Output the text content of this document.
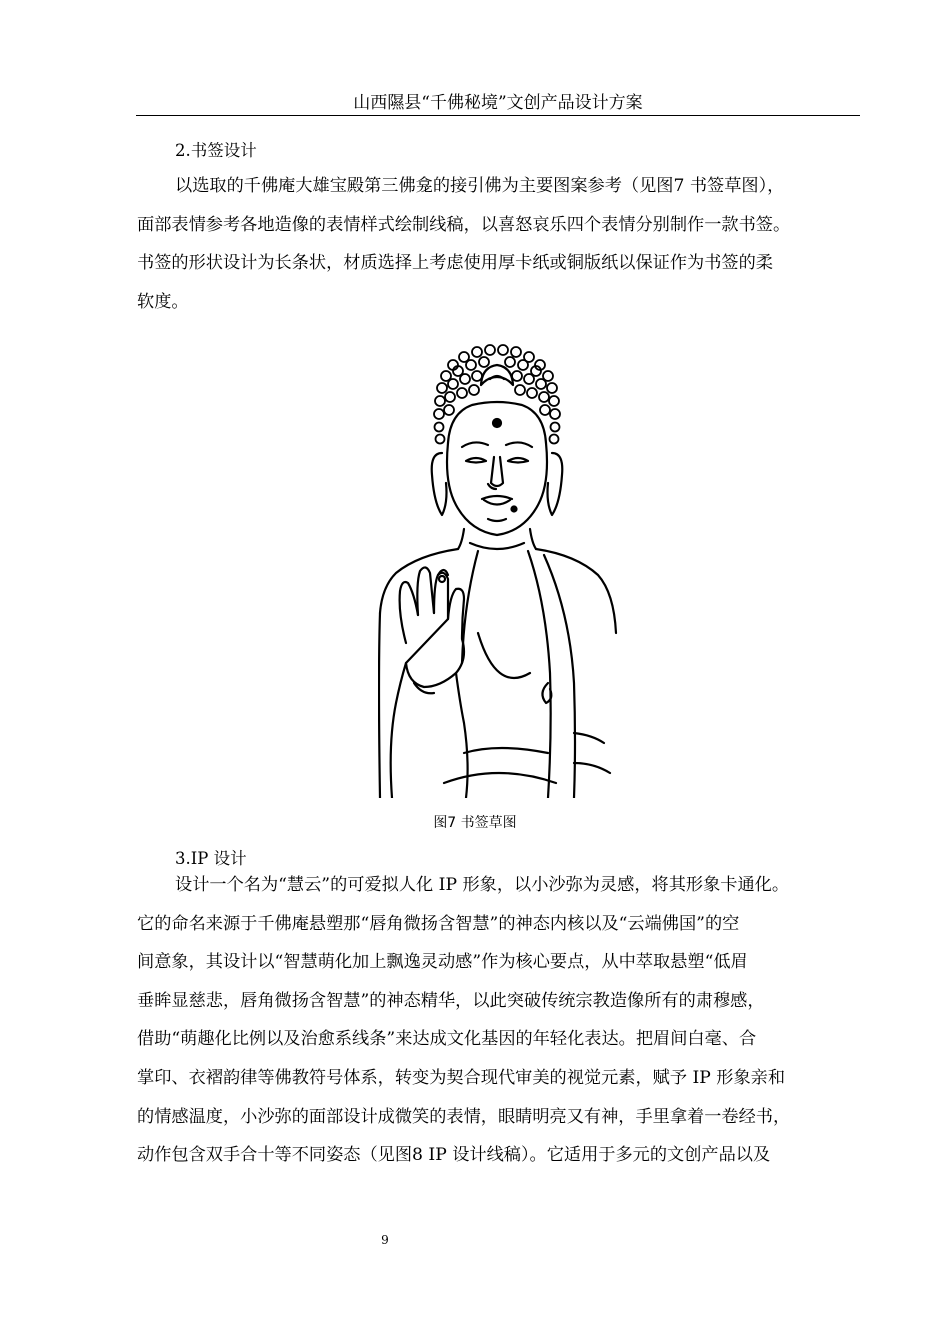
山西隰县“千佛秘境”文创产品设计方案
2.书签设计
以选取的千佛庵大雄宝殿第三佛龛的接引佛为主要图案参考（见图7 书签草图），
面部表情参考各地造像的表情样式绘制线稿，以喜怒哀乐四个表情分别制作一款书签。
书签的形状设计为长条状，材质选择上考虑使用厚卡纸或铜版纸以保证作为书签的柔
软度。
图7 书签草图
3.IP 设计
设计一个名为“慧云”的可爱拟人化 IP 形象，以小沙弥为灵感，将其形象卡通化。
它的命名来源于千佛庵悬塑那“唇角微扬含智慧”的神态内核以及“云端佛国”的空
间意象，其设计以“智慧萌化加上飘逸灵动感”作为核心要点，从中萃取悬塑“低眉
垂眸显慈悲，唇角微扬含智慧”的神态精华，以此突破传统宗教造像所有的肃穆感，
借助“萌趣化比例以及治愈系线条”来达成文化基因的年轻化表达。把眉间白毫、合
掌印、衣褶韵律等佛教符号体系，转变为契合现代审美的视觉元素，赋予 IP 形象亲和
的情感温度，小沙弥的面部设计成微笑的表情，眼睛明亮又有神，手里拿着一卷经书，
动作包含双手合十等不同姿态（见图8 IP 设计线稿）。它适用于多元的文创产品以及
9
